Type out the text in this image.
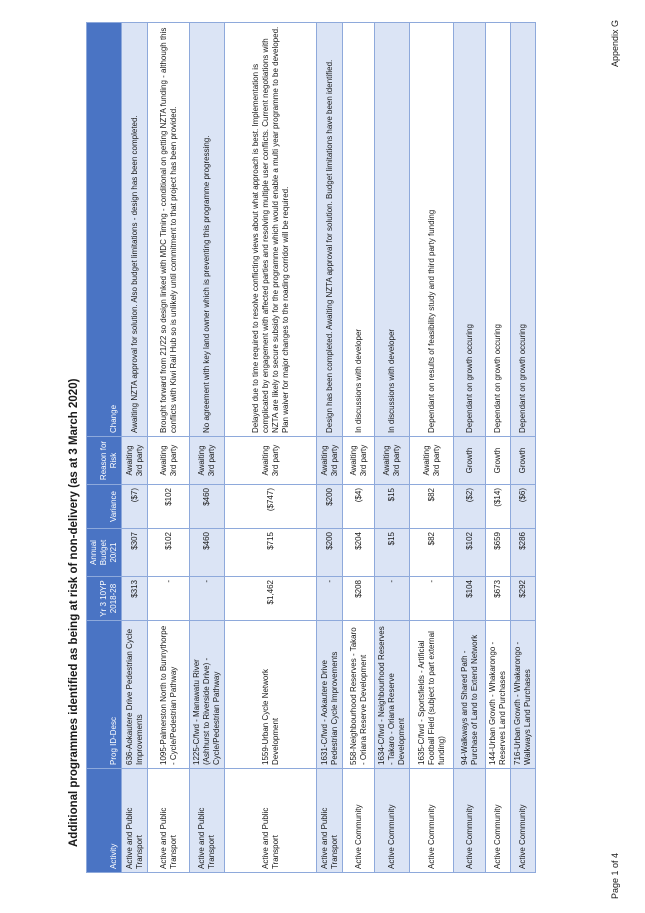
Additional programmes identified as being at risk of non-delivery (as at 3 March 2020)
Activity	Prog ID-Desc	Yr 3 10YP 2018-28	Annual Budget 20/21	Variance	Reason for Risk	Change
Active and Public Transport	636-Aokautere Drive Pedestrian Cycle Improvements	$313	$307	($7)	Awaiting 3rd party	Awaiting NZTA approval for solution. Also budget limitations - design has been completed.
Active and Public Transport	1095-Palmerston North to Bunnythorpe - Cycle/Pedestrian Pathway	-	$102	$102	Awaiting 3rd party	Brought forward from 21/22 so design linked with MDC Timing - conditional on getting NZTA funding - although this conflicts with Kiwi Rail Hub so is unlikely until commitment to that project has been provided.
Active and Public Transport	1225-C/fwd - Manawatu River (Ashhurst to Riverside Drive) - Cycle/Pedestrian Pathway	-	$460	$460	Awaiting 3rd party	No agreement with key land owner which is preventing this programme progressing.
Active and Public Transport	1559-Urban Cycle Network Development	$1,462	$715	($747)	Awaiting 3rd party	Delayed due to time required to resolve conflicting views about what approach is best. Implementation is complicated by engagement with affected parties and resolving multiple user conflicts. Current negotiations with NZTA are likely to secure subsidy for the programme which would enable a multi year programme to be developed. Plan waiver for major changes to the roading corridor will be required.
Active and Public Transport	1631-C/fwd - Aokautere Drive Pedestrian Cycle Improvements	-	$200	$200	Awaiting 3rd party	Design has been completed. Awaiting NZTA approval for solution. Budget limitations have been identified.
Active Community	558-Neighbourhood Reserves - Takaro - Oriana Reserve Development	$208	$204	($4)	Awaiting 3rd party	In discussions with developer
Active Community	1634-C/fwd - Neighbourhood Reserves - Takaro - Oriana Reserve Development	-	$15	$15	Awaiting 3rd party	In discussions with developer
Active Community	1635-C/fwd - Sportsfields - Artificial Football Field (subject to part external funding)	-	$82	$82	Awaiting 3rd party	Dependant on results of feasibility study and third party funding
Active Community	94-Walkways and Shared Path - Purchase of Land to Extend Network	$104	$102	($2)	Growth	Dependant on growth occuring
Active Community	144-Urban Growth - Whakarongo - Reserves Land Purchases	$673	$659	($14)	Growth	Dependant on growth occuring
Active Community	716-Urban Growth - Whakarongo - Walkways Land Purchases	$292	$286	($6)	Growth	Dependant on growth occuring
Page 1 of 4
Appendix G
